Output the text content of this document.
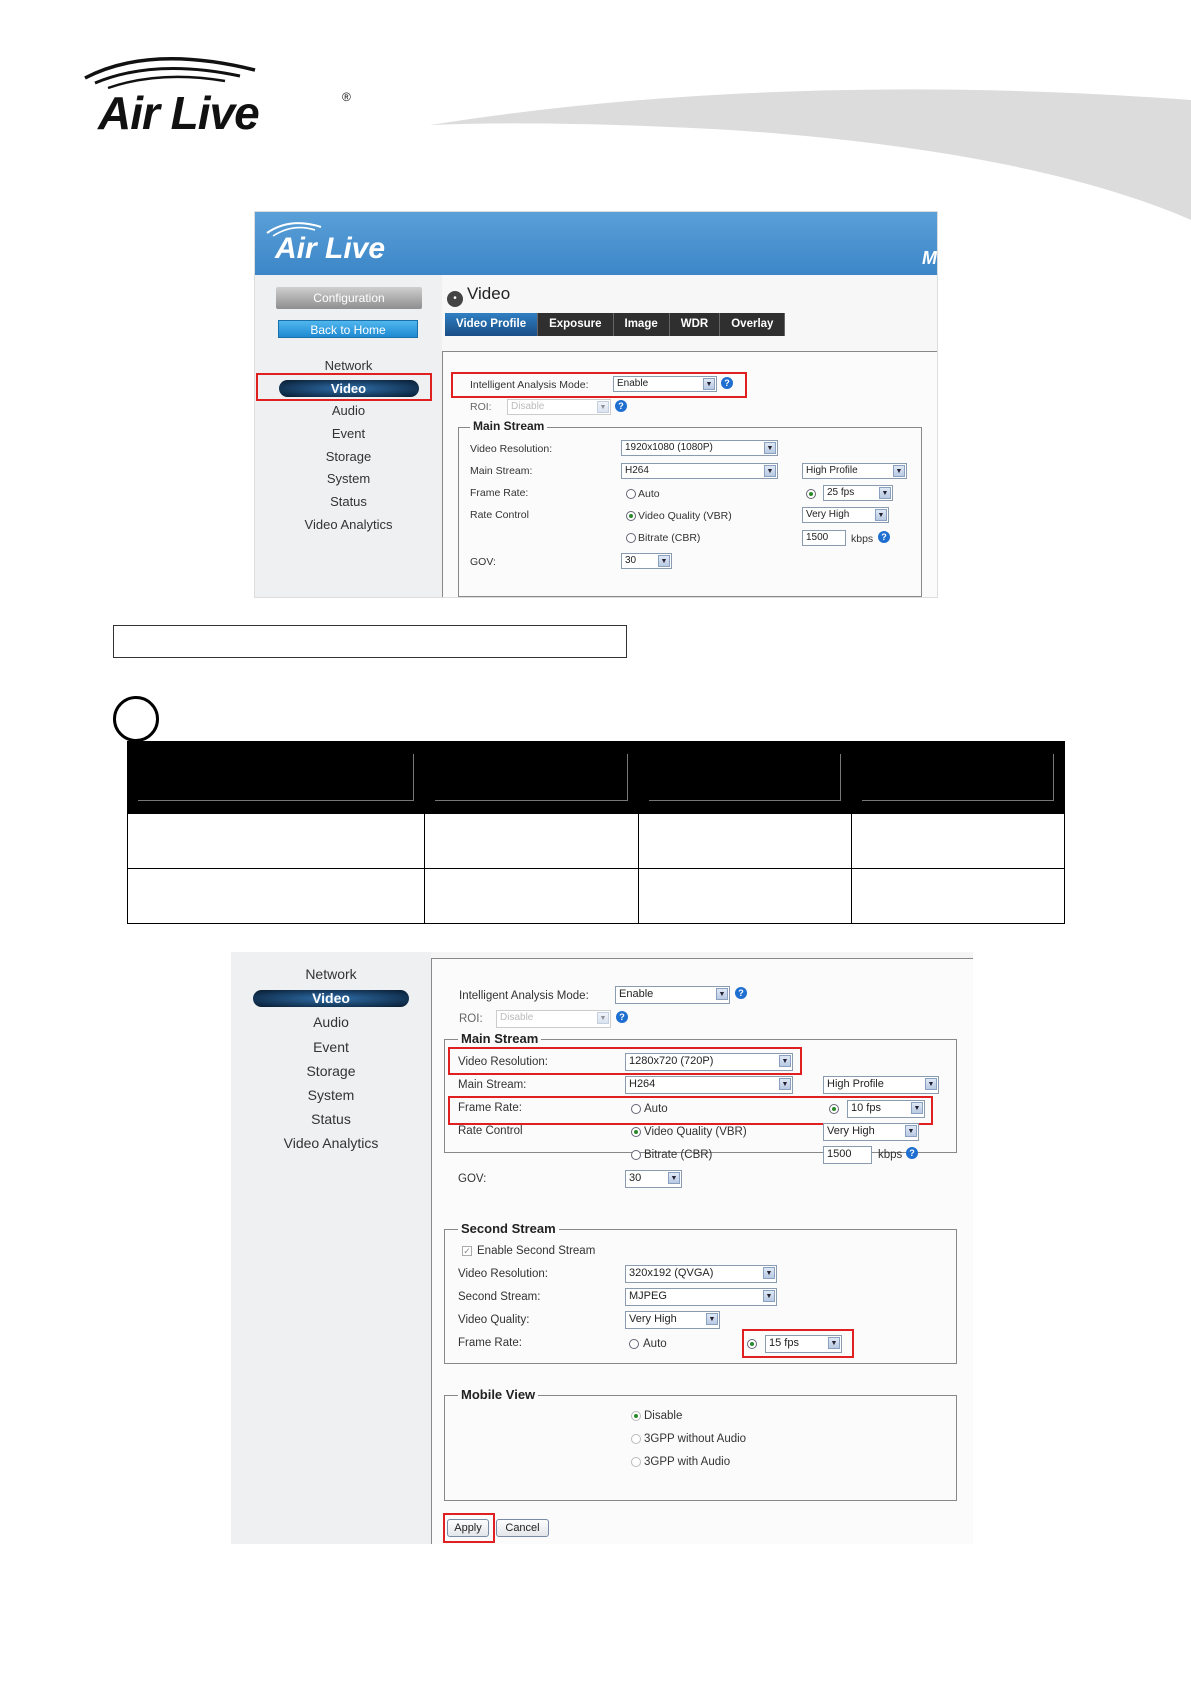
Air Live	®
Air Live	M
Configuration
Back to Home
Network
Video
Audio
Event
Storage
System
Status
Video Analytics
• Video
Video Profile	Exposure	Image	WDR	Overlay
Intelligent Analysis Mode:	Enable	▼	?
ROI:	Disable	▼	?
Main Stream
Video Resolution:	1920x1080 (1080P)	▼
Main Stream:	H264	▼	High Profile	▼
Frame Rate:	Auto	25 fps	▼
Rate Control	Video Quality (VBR)	Very High	▼
Bitrate (CBR)	1500	kbps ?
GOV:	30	▼

Network
Video
Audio
Event
Storage
System
Status
Video Analytics
Intelligent Analysis Mode:	Enable	▼	?
ROI:	Disable	▼	?
Main Stream
Video Resolution:	1280x720 (720P)	▼
Main Stream:	H264	▼	High Profile	▼
Frame Rate:	Auto	10 fps	▼
Rate Control	Video Quality (VBR)	Very High	▼
Bitrate (CBR)	1500	kbps ?
GOV:	30	▼
Second Stream
✓ Enable Second Stream
Video Resolution:	320x192 (QVGA)	▼
Second Stream:	MJPEG	▼
Video Quality:	Very High	▼
Frame Rate:	Auto	15 fps	▼
Mobile View
Disable
3GPP without Audio
3GPP with Audio
Apply	Cancel
